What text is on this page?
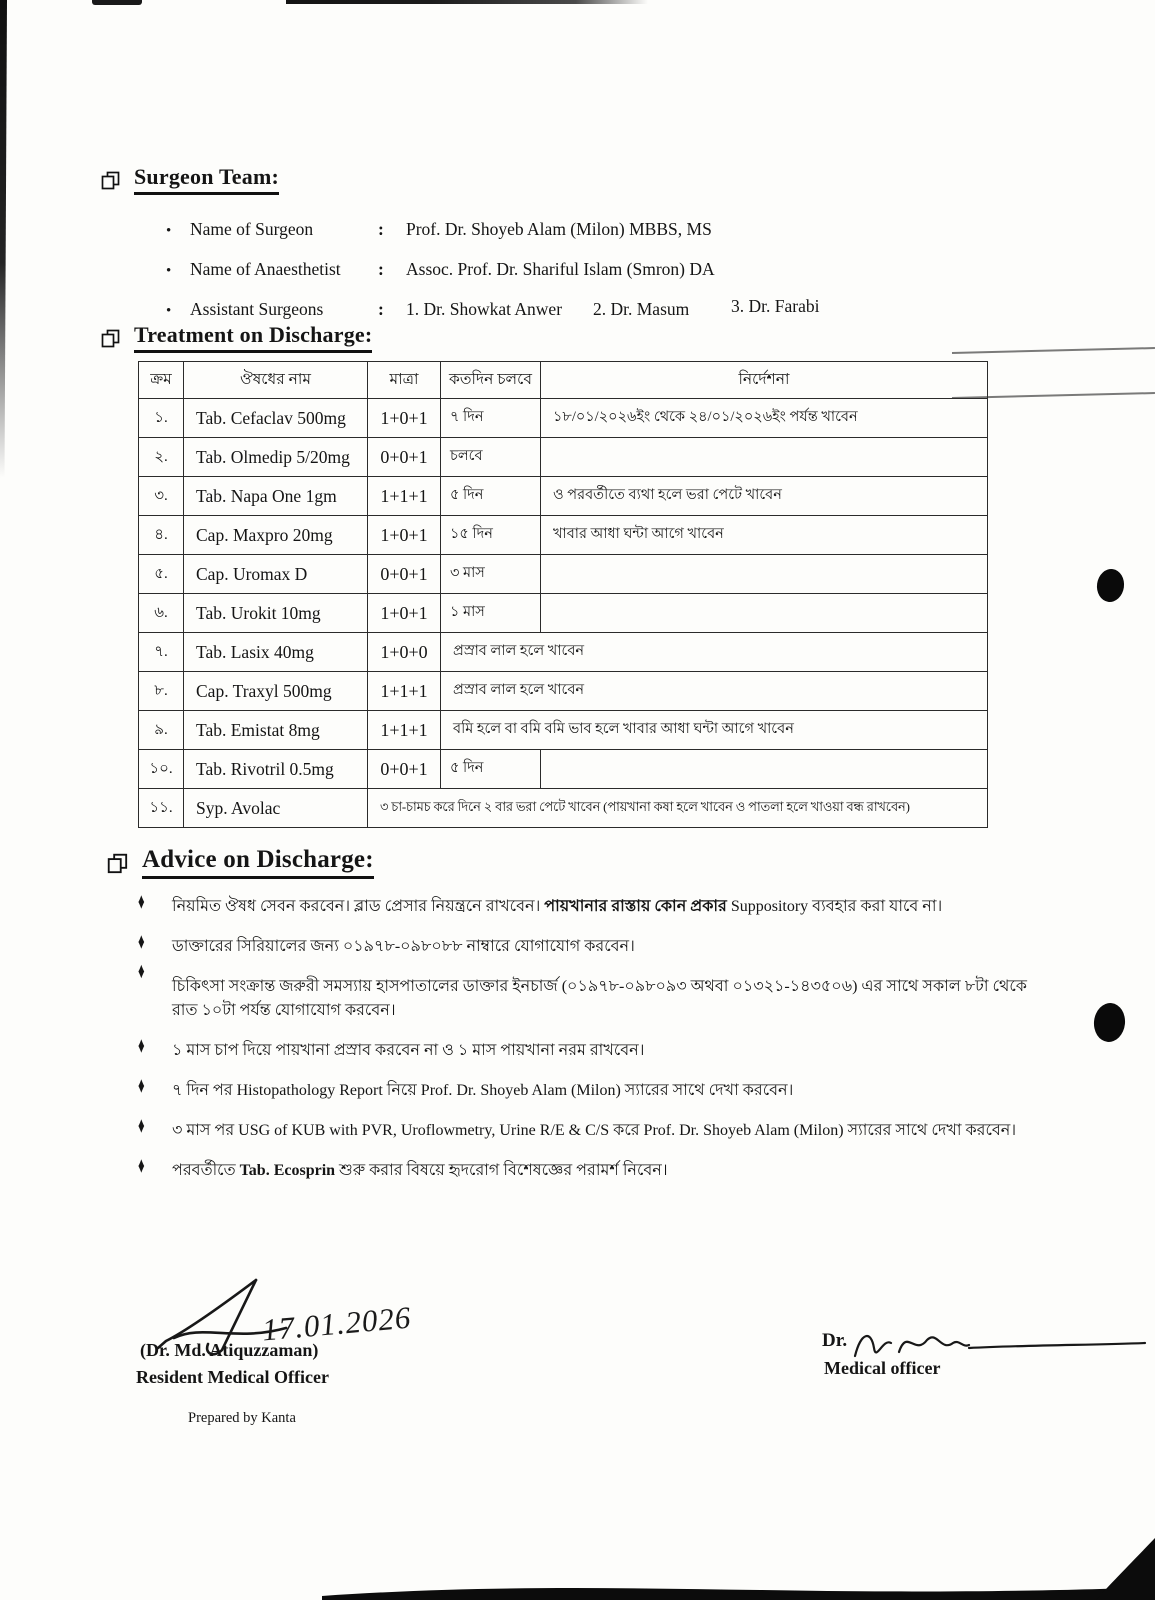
Surgeon Team:
•	Name of Surgeon	:	Prof. Dr. Shoyeb Alam (Milon) MBBS, MS
•	Name of Anaesthetist	:	Assoc. Prof. Dr. Shariful Islam (Smron) DA
•	Assistant Surgeons	:	1. Dr. Showkat Anwer	2. Dr. Masum	3. Dr. Farabi
Treatment on Discharge:
ক্রম	ঔষধের নাম	মাত্রা	কতদিন চলবে	নির্দেশনা
১.	Tab. Cefaclav 500mg	1+0+1	৭ দিন	১৮/০১/২০২৬ইং থেকে ২৪/০১/২০২৬ইং পর্যন্ত খাবেন
২.	Tab. Olmedip 5/20mg	0+0+1	চলবে	
৩.	Tab. Napa One 1gm	1+1+1	৫ দিন	ও পরবর্তীতে ব্যথা হলে ভরা পেটে খাবেন
৪.	Cap. Maxpro 20mg	1+0+1	১৫ দিন	খাবার আধা ঘন্টা আগে খাবেন
৫.	Cap. Uromax D	0+0+1	৩ মাস	
৬.	Tab. Urokit 10mg	1+0+1	১ মাস	
৭.	Tab. Lasix 40mg	1+0+0	প্রস্রাব লাল হলে খাবেন	
৮.	Cap. Traxyl 500mg	1+1+1	প্রস্রাব লাল হলে খাবেন	
৯.	Tab. Emistat 8mg	1+1+1	বমি হলে বা বমি বমি ভাব হলে খাবার আধা ঘন্টা আগে খাবেন	
১০.	Tab. Rivotril 0.5mg	0+0+1	৫ দিন	
১১.	Syp. Avolac	৩ চা-চামচ করে দিনে ২ বার ভরা পেটে খাবেন (পায়খানা কষা হলে খাবেন ও পাতলা হলে খাওয়া বন্ধ রাখবেন)		
Advice on Discharge:
♦	নিয়মিত ঔষধ সেবন করবেন। ব্লাড প্রেসার নিয়ন্ত্রনে রাখবেন। পায়খানার রাস্তায় কোন প্রকার Suppository ব্যবহার করা যাবে না।
♦	ডাক্তারের সিরিয়ালের জন্য ০১৯৭৮-০৯৮০৮৮ নাম্বারে যোগাযোগ করবেন।
♦
চিকিৎসা সংক্রান্ত জরুরী সমস্যায় হাসপাতালের ডাক্তার ইনচার্জ (০১৯৭৮-০৯৮০৯৩ অথবা ০১৩২১-১৪৩৫০৬) এর সাথে সকাল ৮টা থেকে রাত ১০টা পর্যন্ত যোগাযোগ করবেন।
♦	১ মাস চাপ দিয়ে পায়খানা প্রস্রাব করবেন না ও ১ মাস পায়খানা নরম রাখবেন।
♦	৭ দিন পর Histopathology Report নিয়ে Prof. Dr. Shoyeb Alam (Milon) স্যারের সাথে দেখা করবেন।
♦	৩ মাস পর USG of KUB with PVR, Uroflowmetry, Urine R/E & C/S করে Prof. Dr. Shoyeb Alam (Milon) স্যারের সাথে দেখা করবেন।
♦	পরবর্তীতে Tab. Ecosprin শুরু করার বিষয়ে হৃদরোগ বিশেষজ্ঞের পরামর্শ নিবেন।
17.01.2026
(Dr. Md. Atiquzzaman)
Resident Medical Officer
Prepared by Kanta
Dr.
Medical officer
